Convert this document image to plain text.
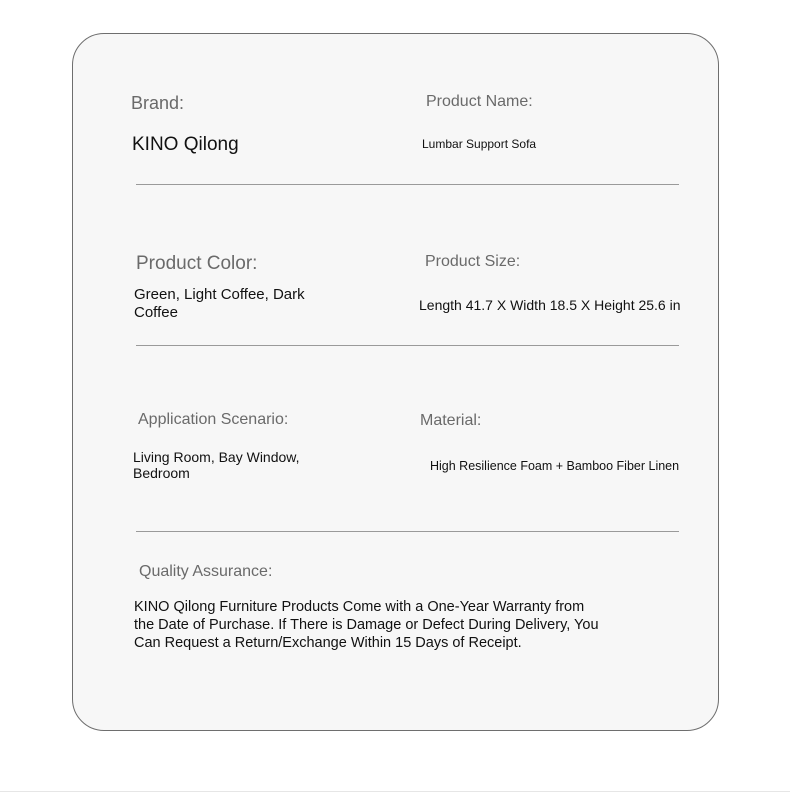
Brand:

KINO Qilong

Product Name:

Lumbar Support Sofa

Product Color:

Green, Light Coffee, Dark Coffee

Product Size:

Length 41.7 X Width 18.5 X Height 25.6 in

Application Scenario:

Living Room, Bay Window, Bedroom

Material:

High Resilience Foam + Bamboo Fiber Linen

Quality Assurance:

KINO Qilong Furniture Products Come with a One-Year Warranty from the Date of Purchase. If There is Damage or Defect During Delivery, You Can Request a Return/Exchange Within 15 Days of Receipt.
